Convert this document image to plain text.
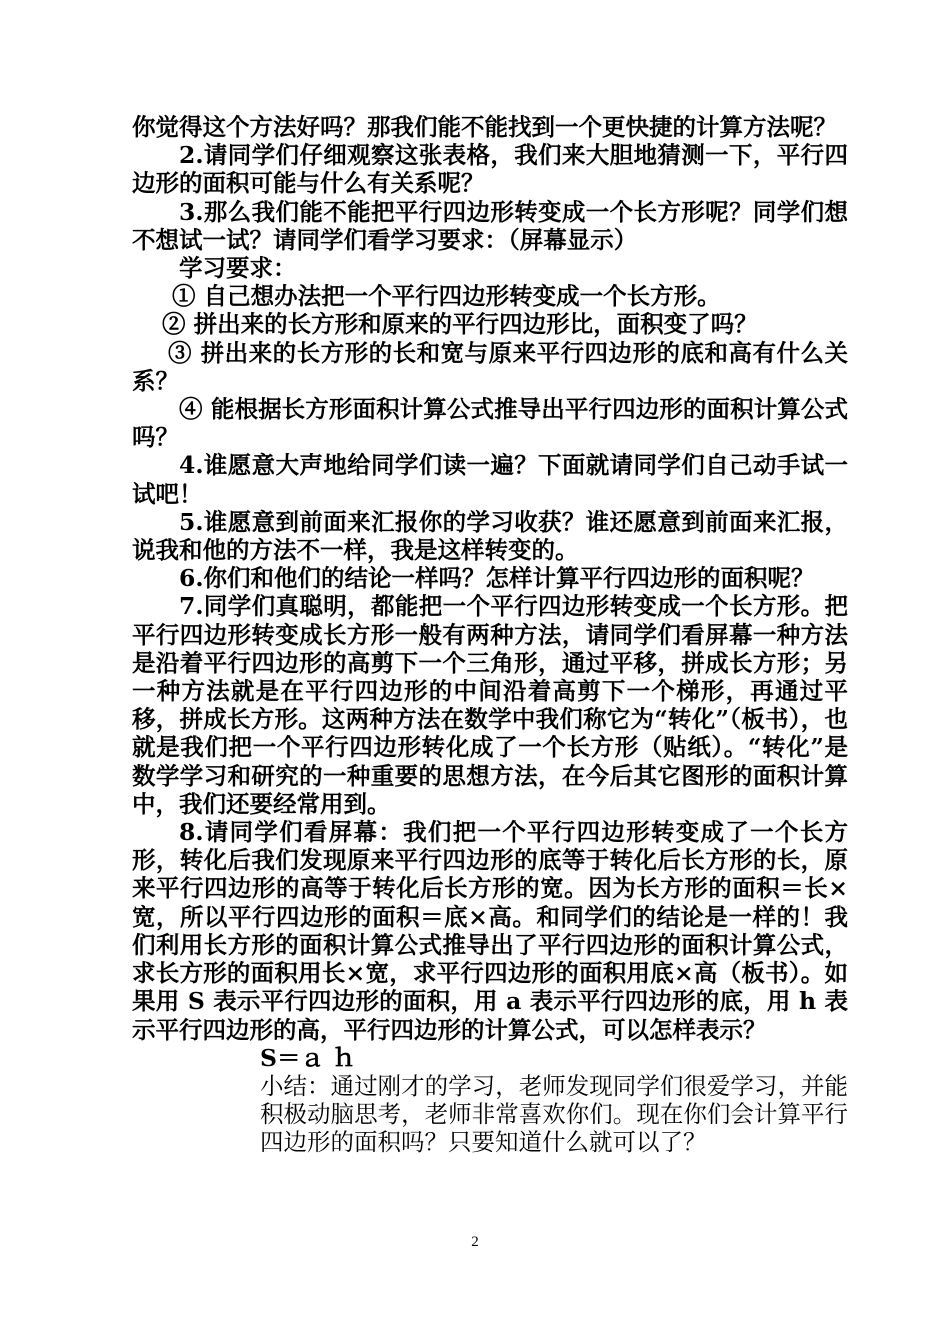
你觉得这个方法好吗？那我们能不能找到一个更快捷的计算方法呢？

2.请同学们仔细观察这张表格，我们来大胆地猜测一下，平行四边形的面积可能与什么有关系呢？

3.那么我们能不能把平行四边形转变成一个长方形呢？同学们想不想试一试？请同学们看学习要求：（屏幕显示）

学习要求：

① 自己想办法把一个平行四边形转变成一个长方形。

② 拼出来的长方形和原来的平行四边形比，面积变了吗？

③ 拼出来的长方形的长和宽与原来平行四边形的底和高有什么关系？

④ 能根据长方形面积计算公式推导出平行四边形的面积计算公式吗？

4.谁愿意大声地给同学们读一遍？下面就请同学们自己动手试一试吧！

5.谁愿意到前面来汇报你的学习收获？谁还愿意到前面来汇报，说我和他的方法不一样，我是这样转变的。

6.你们和他们的结论一样吗？怎样计算平行四边形的面积呢？

7.同学们真聪明，都能把一个平行四边形转变成一个长方形。把平行四边形转变成长方形一般有两种方法，请同学们看屏幕一种方法是沿着平行四边形的高剪下一个三角形，通过平移，拼成长方形；另一种方法就是在平行四边形的中间沿着高剪下一个梯形，再通过平移，拼成长方形。这两种方法在数学中我们称它为“转化”（板书），也就是我们把一个平行四边形转化成了一个长方形（贴纸）。“转化”是数学学习和研究的一种重要的思想方法，在今后其它图形的面积计算中，我们还要经常用到。

8.请同学们看屏幕：我们把一个平行四边形转变成了一个长方形，转化后我们发现原来平行四边形的底等于转化后长方形的长，原来平行四边形的高等于转化后长方形的宽。因为长方形的面积＝长×宽，所以平行四边形的面积＝底×高。和同学们的结论是一样的！我们利用长方形的面积计算公式推导出了平行四边形的面积计算公式，求长方形的面积用长×宽，求平行四边形的面积用底×高（板书）。如果用 S 表示平行四边形的面积，用 a 表示平行四边形的底，用 h 表示平行四边形的高，平行四边形的计算公式，可以怎样表示？

S＝ａ ｈ

小结：通过刚才的学习，老师发现同学们很爱学习，并能积极动脑思考，老师非常喜欢你们。现在你们会计算平行四边形的面积吗？只要知道什么就可以了？

2
